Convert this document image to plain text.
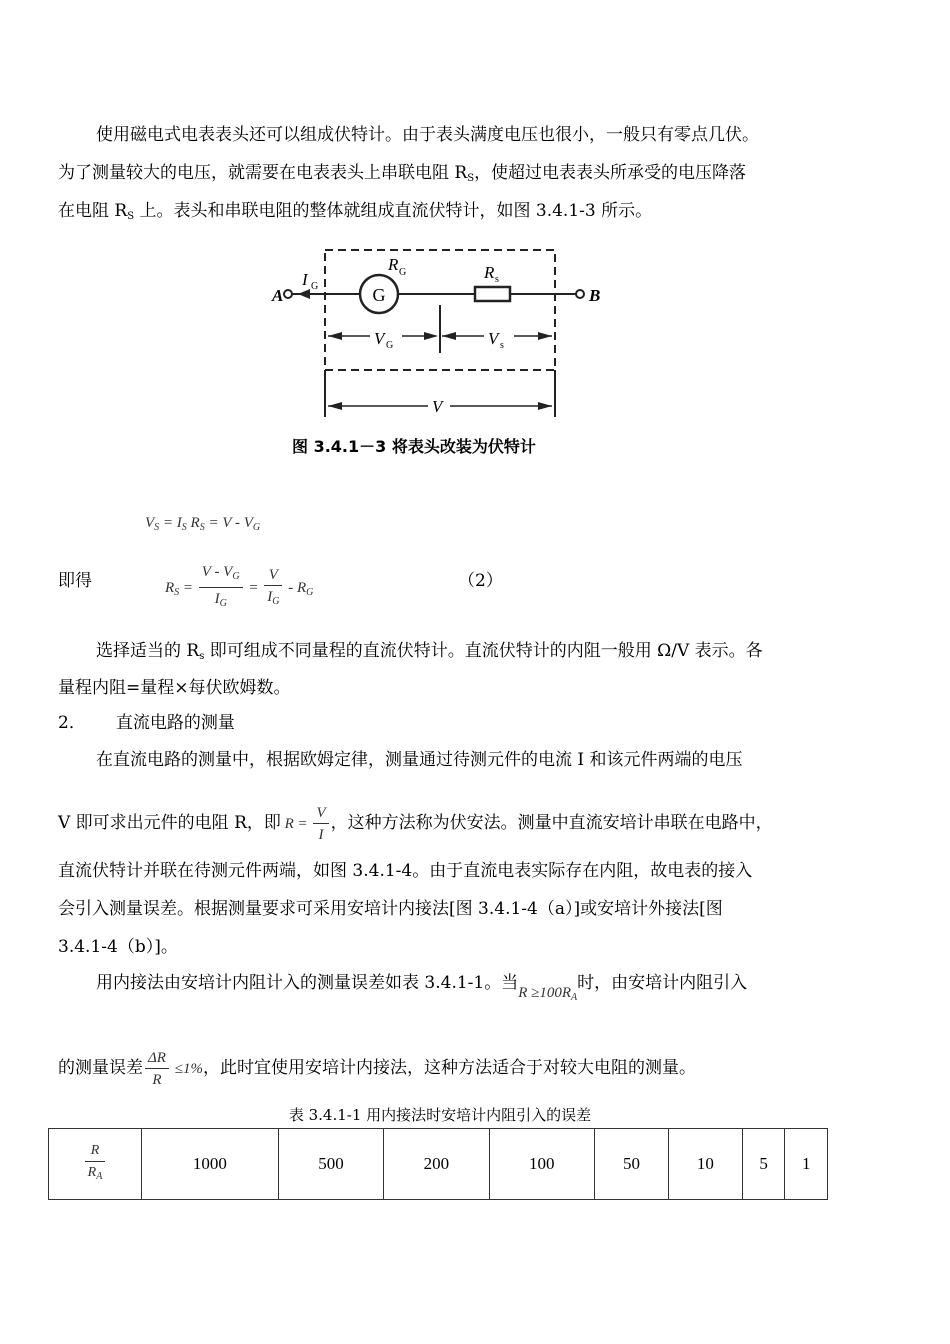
使用磁电式电表表头还可以组成伏特计。由于表头满度电压也很小，一般只有零点几伏。
为了测量较大的电压，就需要在电表表头上串联电阻 $R_S$，使超过电表表头所承受的电压降落
在电阻 $R_S$ 上。表头和串联电阻的整体就组成直流伏特计，如图 3.4.1-3 所示。
G
A	B
I G
R G	R s
V G	V s
V
图 3.4.1－3 将表头改装为伏特计
$V_S = I_S$ $R_S = V - V_G$
即得	$R_S = \frac{V - V_G}{I_G} = \frac{V}{I_G} - R_G$
（2）
选择适当的 $R_s$ 即可组成不同量程的直流伏特计。直流伏特计的内阻一般用 Ω/V 表示。各
量程内阻=量程×每伏欧姆数。
2． 直流电路的测量
在直流电路的测量中，根据欧姆定律，测量通过待测元件的电流 I 和该元件两端的电压
V 即可求出元件的电阻 R，即 $R = \frac{V}{I}$ ，这种方法称为伏安法。测量中直流安培计串联在电路中，
直流伏特计并联在待测元件两端，如图 3.4.1-4。由于直流电表实际存在内阻，故电表的接入
会引入测量误差。根据测量要求可采用安培计内接法[图 3.4.1-4（a）]或安培计外接法[图
3.4.1-4（b）]。
用内接法由安培计内阻计入的测量误差如表 3.4.1-1。当$R \ge 100R_A$时，由安培计内阻引入
的测量误差 $\frac{\Delta R}{R} \le 1\%$，此时宜使用安培计内接法，这种方法适合于对较大电阻的测量。
表 3.4.1-1 用内接法时安培计内阻引入的误差
$\frac{R}{R_A}$	1000	500	200	100	50	10	5	1
